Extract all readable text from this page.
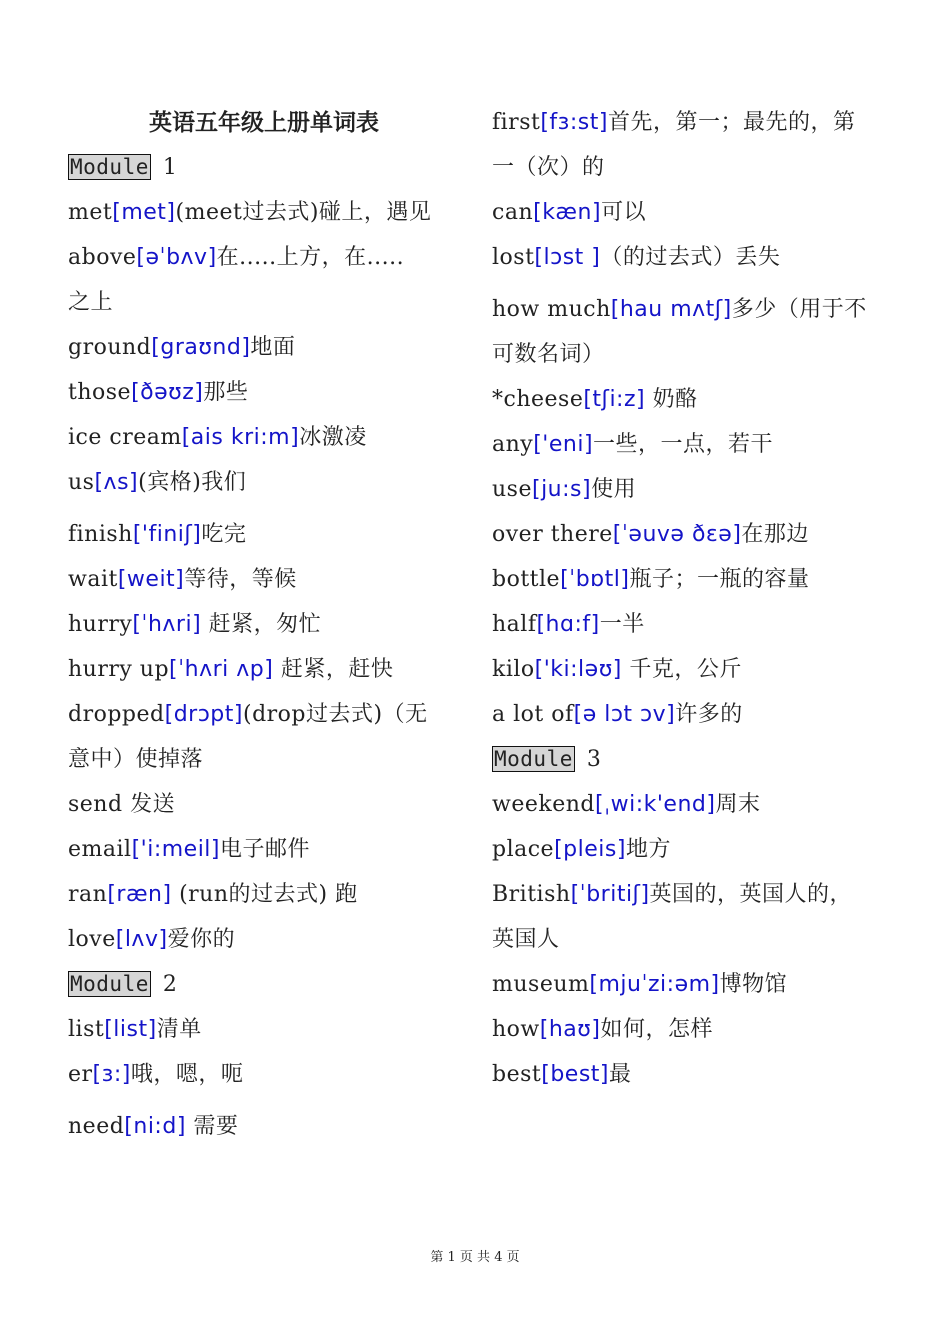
英语五年级上册单词表
Module 1
met[met](meet过去式)碰上，遇见
above[əˈbʌv]在.....上方，在.....
之上
ground[graʊnd]地面
those[ðəʊz]那些
ice cream[ais kri:m]冰激凌
us[ʌs](宾格)我们
finish['finiʃ]吃完
wait[weit]等待，等候
hurry[ˈhʌri] 赶紧，匆忙
hurry up[ˈhʌri ʌp] 赶紧，赶快
dropped[drɔpt](drop过去式)（无
意中）使掉落
send 发送
email['i:meil]电子邮件
ran[ræn] (run的过去式) 跑
love[lʌv]爱你的
Module 2
list[list]清单
er[ɜ:]哦，嗯，呃
need[ni:d] 需要
first[fɜ:st]首先，第一；最先的，第
一（次）的
can[kæn]可以
lost[lɔst ]（的过去式）丢失
how much[hau mʌtʃ]多少（用于不
可数名词）
*cheese[tʃi:z] 奶酪
any['eni]一些，一点，若干
use[ju:s]使用
over there[ˈəuvə ðɛə]在那边
bottle[ˈbɒtl]瓶子；一瓶的容量
half[hɑ:f]一半
kilo['ki:ləʊ] 千克，公斤
a lot of[ə lɔt ɔv]许多的
Module 3
weekend[ˌwi:k'end]周末
place[pleis]地方
British[ˈbritiʃ]英国的，英国人的，
英国人
museum[mjuˈzi:əm]博物馆
how[haʊ]如何，怎样
best[best]最
第 1 页 共 4 页
